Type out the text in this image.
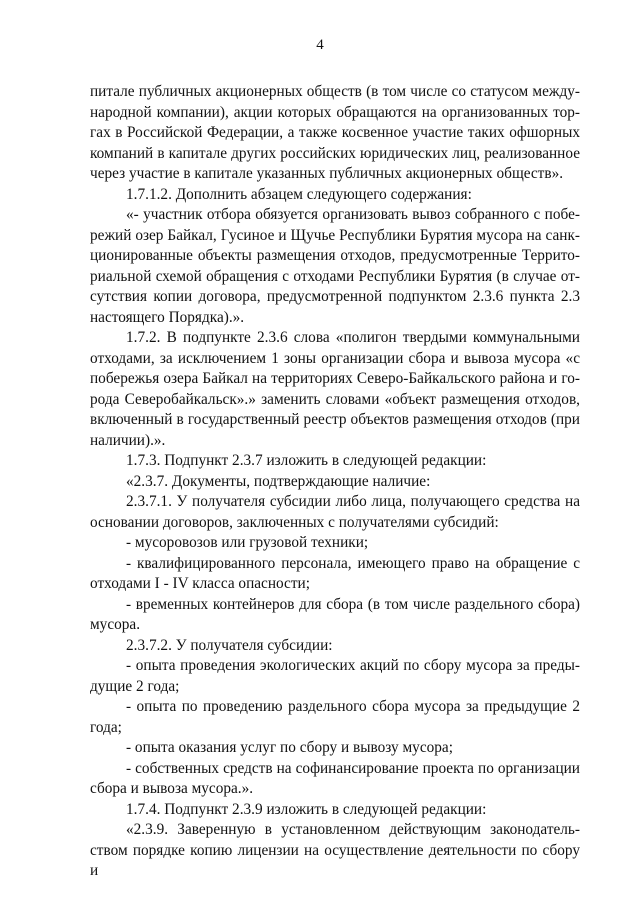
4
питале публичных акционерных обществ (в том числе со статусом между-
народной компании), акции которых обращаются на организованных тор-
гах в Российской Федерации, а также косвенное участие таких офшорных
компаний в капитале других российских юридических лиц, реализованное
через участие в капитале указанных публичных акционерных обществ».
1.7.1.2. Дополнить абзацем следующего содержания:
«- участник отбора обязуется организовать вывоз собранного с побе-
режий озер Байкал, Гусиное и Щучье Республики Бурятия мусора на санк-
ционированные объекты размещения отходов, предусмотренные Террито-
риальной схемой обращения с отходами Республики Бурятия (в случае от-
сутствия копии договора, предусмотренной подпунктом 2.3.6 пункта 2.3
настоящего Порядка).».
1.7.2. В подпункте 2.3.6 слова «полигон твердыми коммунальными
отходами, за исключением 1 зоны организации сбора и вывоза мусора «с
побережья озера Байкал на территориях Северо-Байкальского района и го-
рода Северобайкальск».» заменить словами «объект размещения отходов,
включенный в государственный реестр объектов размещения отходов (при
наличии).».
1.7.3. Подпункт 2.3.7 изложить в следующей редакции:
«2.3.7. Документы, подтверждающие наличие:
2.3.7.1. У получателя субсидии либо лица, получающего средства на
основании договоров, заключенных с получателями субсидий:
- мусоровозов или грузовой техники;
- квалифицированного персонала, имеющего право на обращение с
отходами I - IV класса опасности;
- временных контейнеров для сбора (в том числе раздельного сбора)
мусора.
2.3.7.2. У получателя субсидии:
- опыта проведения экологических акций по сбору мусора за преды-
дущие 2 года;
- опыта по проведению раздельного сбора мусора за предыдущие 2
года;
- опыта оказания услуг по сбору и вывозу мусора;
- собственных средств на софинансирование проекта по организации
сбора и вывоза мусора.».
1.7.4. Подпункт 2.3.9 изложить в следующей редакции:
«2.3.9. Заверенную в установленном действующим законодатель-
ством порядке копию лицензии на осуществление деятельности по сбору и
